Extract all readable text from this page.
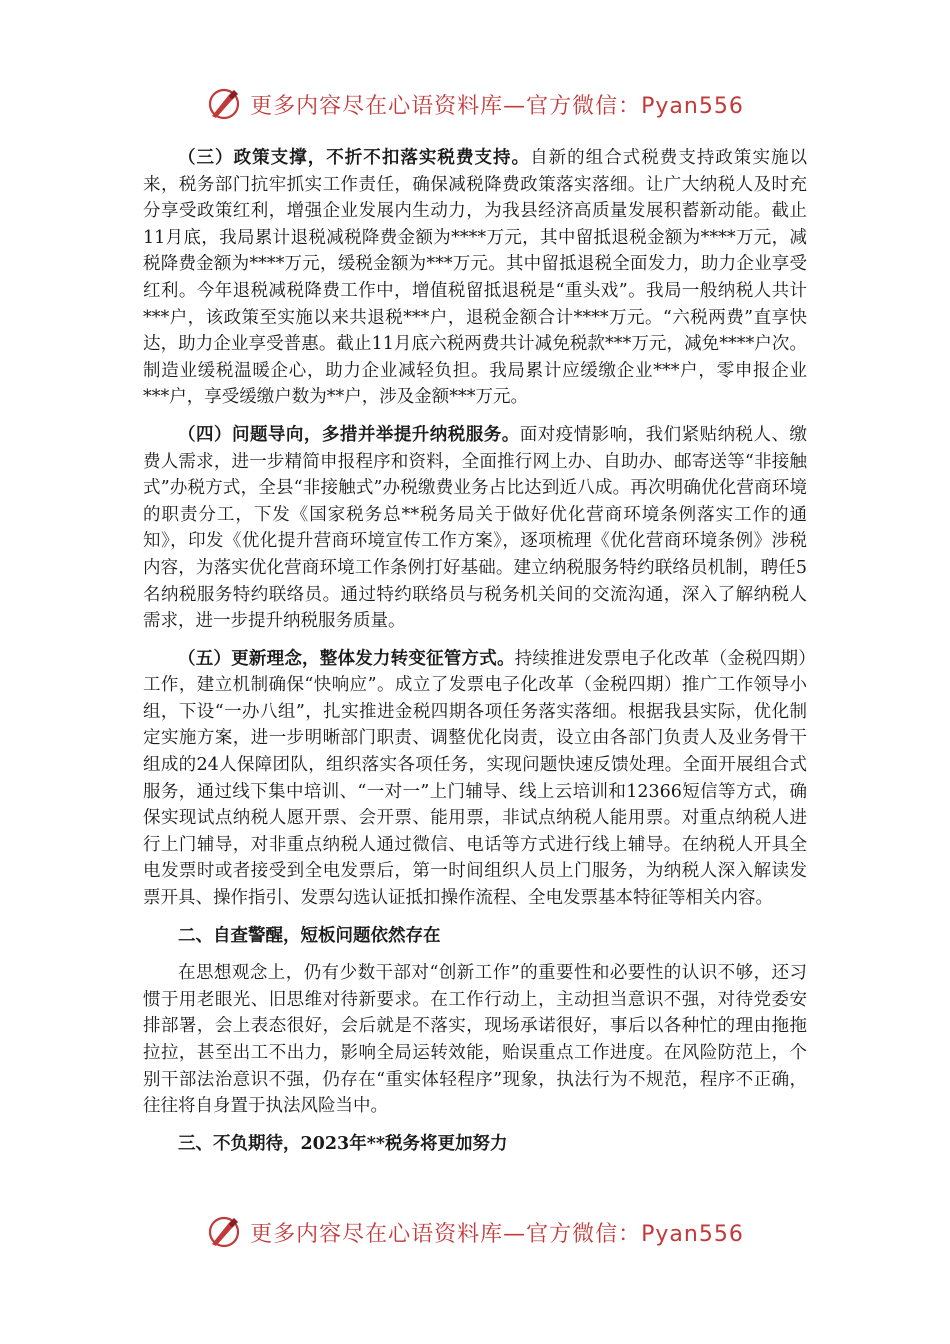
更多内容尽在心语资料库—官方微信：Pyan556

（三）政策支撑，不折不扣落实税费支持。自新的组合式税费支持政策实施以来，税务部门抗牢抓实工作责任，确保减税降费政策落实落细。让广大纳税人及时充分享受政策红利，增强企业发展内生动力，为我县经济高质量发展积蓄新动能。截止11月底，我局累计退税减税降费金额为****万元，其中留抵退税金额为****万元，减税降费金额为****万元，缓税金额为***万元。其中留抵退税全面发力，助力企业享受红利。今年退税减税降费工作中，增值税留抵退税是“重头戏”。我局一般纳税人共计***户，该政策至实施以来共退税***户，退税金额合计****万元。“六税两费”直享快达，助力企业享受普惠。截止11月底六税两费共计减免税款***万元，减免****户次。制造业缓税温暖企心，助力企业减轻负担。我局累计应缓缴企业***户，零申报企业***户，享受缓缴户数为**户，涉及金额***万元。

（四）问题导向，多措并举提升纳税服务。面对疫情影响，我们紧贴纳税人、缴费人需求，进一步精简申报程序和资料，全面推行网上办、自助办、邮寄送等“非接触式”办税方式，全县“非接触式”办税缴费业务占比达到近八成。再次明确优化营商环境的职责分工，下发《国家税务总**税务局关于做好优化营商环境条例落实工作的通知》，印发《优化提升营商环境宣传工作方案》，逐项梳理《优化营商环境条例》涉税内容，为落实优化营商环境工作条例打好基础。建立纳税服务特约联络员机制，聘任5名纳税服务特约联络员。通过特约联络员与税务机关间的交流沟通，深入了解纳税人需求，进一步提升纳税服务质量。

（五）更新理念，整体发力转变征管方式。持续推进发票电子化改革（金税四期）工作，建立机制确保“快响应”。成立了发票电子化改革（金税四期）推广工作领导小组，下设“一办八组”，扎实推进金税四期各项任务落实落细。根据我县实际，优化制定实施方案，进一步明晰部门职责、调整优化岗责，设立由各部门负责人及业务骨干组成的24人保障团队，组织落实各项任务，实现问题快速反馈处理。全面开展组合式服务，通过线下集中培训、“一对一”上门辅导、线上云培训和12366短信等方式，确保实现试点纳税人愿开票、会开票、能用票，非试点纳税人能用票。对重点纳税人进行上门辅导，对非重点纳税人通过微信、电话等方式进行线上辅导。在纳税人开具全电发票时或者接受到全电发票后，第一时间组织人员上门服务，为纳税人深入解读发票开具、操作指引、发票勾选认证抵扣操作流程、全电发票基本特征等相关内容。

二、自查警醒，短板问题依然存在

在思想观念上，仍有少数干部对“创新工作”的重要性和必要性的认识不够，还习惯于用老眼光、旧思维对待新要求。在工作行动上，主动担当意识不强，对待党委安排部署，会上表态很好，会后就是不落实，现场承诺很好，事后以各种忙的理由拖拖拉拉，甚至出工不出力，影响全局运转效能，贻误重点工作进度。在风险防范上，个别干部法治意识不强，仍存在“重实体轻程序”现象，执法行为不规范，程序不正确，往往将自身置于执法风险当中。

三、不负期待，2023年**税务将更加努力

更多内容尽在心语资料库—官方微信：Pyan556
